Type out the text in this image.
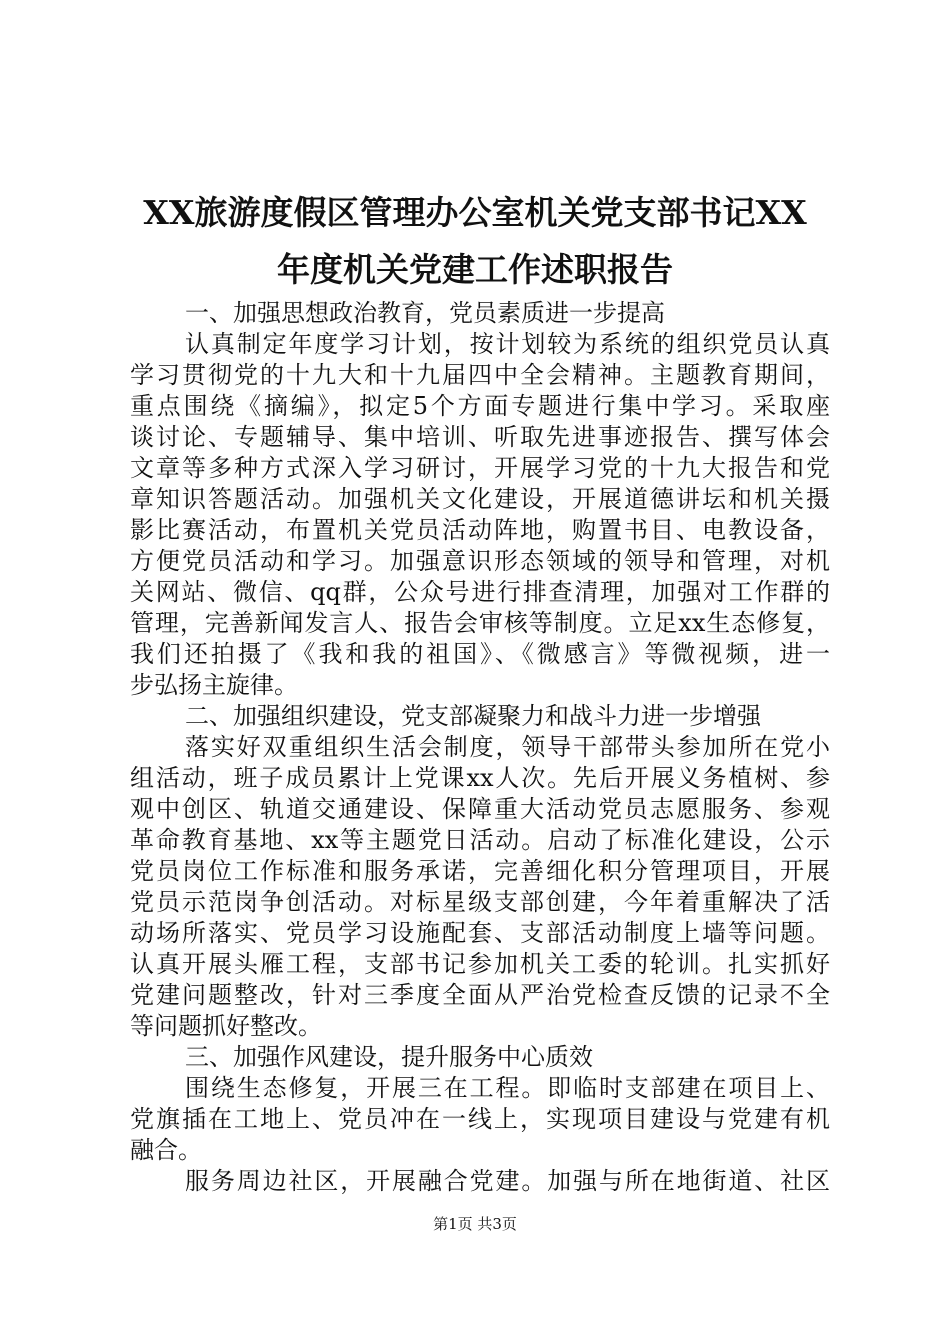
XX旅游度假区管理办公室机关党支部书记XX
年度机关党建工作述职报告
一、加强思想政治教育，党员素质进一步提高
认真制定年度学习计划，按计划较为系统的组织党员认真
学习贯彻党的十九大和十九届四中全会精神。主题教育期间，
重点围绕《摘编》，拟定5个方面专题进行集中学习。采取座
谈讨论、专题辅导、集中培训、听取先进事迹报告、撰写体会
文章等多种方式深入学习研讨，开展学习党的十九大报告和党
章知识答题活动。加强机关文化建设，开展道德讲坛和机关摄
影比赛活动，布置机关党员活动阵地，购置书目、电教设备，
方便党员活动和学习。加强意识形态领域的领导和管理，对机
关网站、微信、qq群，公众号进行排查清理，加强对工作群的
管理，完善新闻发言人、报告会审核等制度。立足xx生态修复，
我们还拍摄了《我和我的祖国》、《微感言》等微视频，进一
步弘扬主旋律。
二、加强组织建设，党支部凝聚力和战斗力进一步增强
落实好双重组织生活会制度，领导干部带头参加所在党小
组活动，班子成员累计上党课xx人次。先后开展义务植树、参
观中创区、轨道交通建设、保障重大活动党员志愿服务、参观
革命教育基地、xx等主题党日活动。启动了标准化建设，公示
党员岗位工作标准和服务承诺，完善细化积分管理项目，开展
党员示范岗争创活动。对标星级支部创建，今年着重解决了活
动场所落实、党员学习设施配套、支部活动制度上墙等问题。
认真开展头雁工程，支部书记参加机关工委的轮训。扎实抓好
党建问题整改，针对三季度全面从严治党检查反馈的记录不全
等问题抓好整改。
三、加强作风建设，提升服务中心质效
围绕生态修复，开展三在工程。即临时支部建在项目上、
党旗插在工地上、党员冲在一线上，实现项目建设与党建有机
融合。
服务周边社区，开展融合党建。加强与所在地街道、社区
第1页 共3页
